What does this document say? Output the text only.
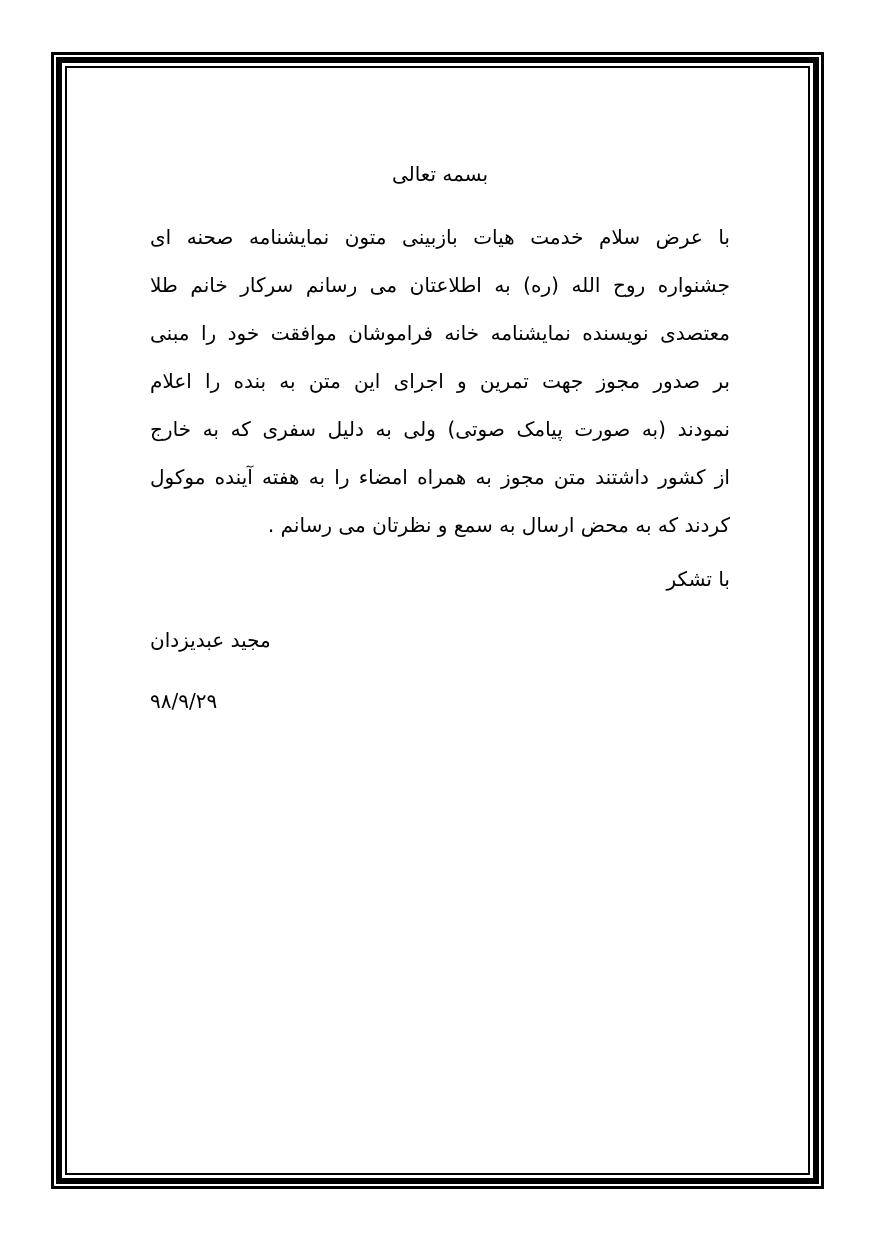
بسمه تعالی
با عرض سلام خدمت هیات بازبینی متون نمایشنامه صحنه ای
جشنواره روح الله (ره) به اطلاعتان می رسانم سرکار خانم طلا
معتصدی نویسنده نمایشنامه خانه فراموشان موافقت خود را مبنی
بر صدور مجوز جهت تمرین و اجرای این متن به بنده را اعلام
نمودند (به صورت پیامک صوتی) ولی به دلیل سفری که به خارج
از کشور داشتند متن مجوز به همراه امضاء را به هفته آینده موکول
کردند که به محض ارسال به سمع و نظرتان می رسانم .
با تشکر
مجید عبدیزدان
۹۸/۹/۲۹
